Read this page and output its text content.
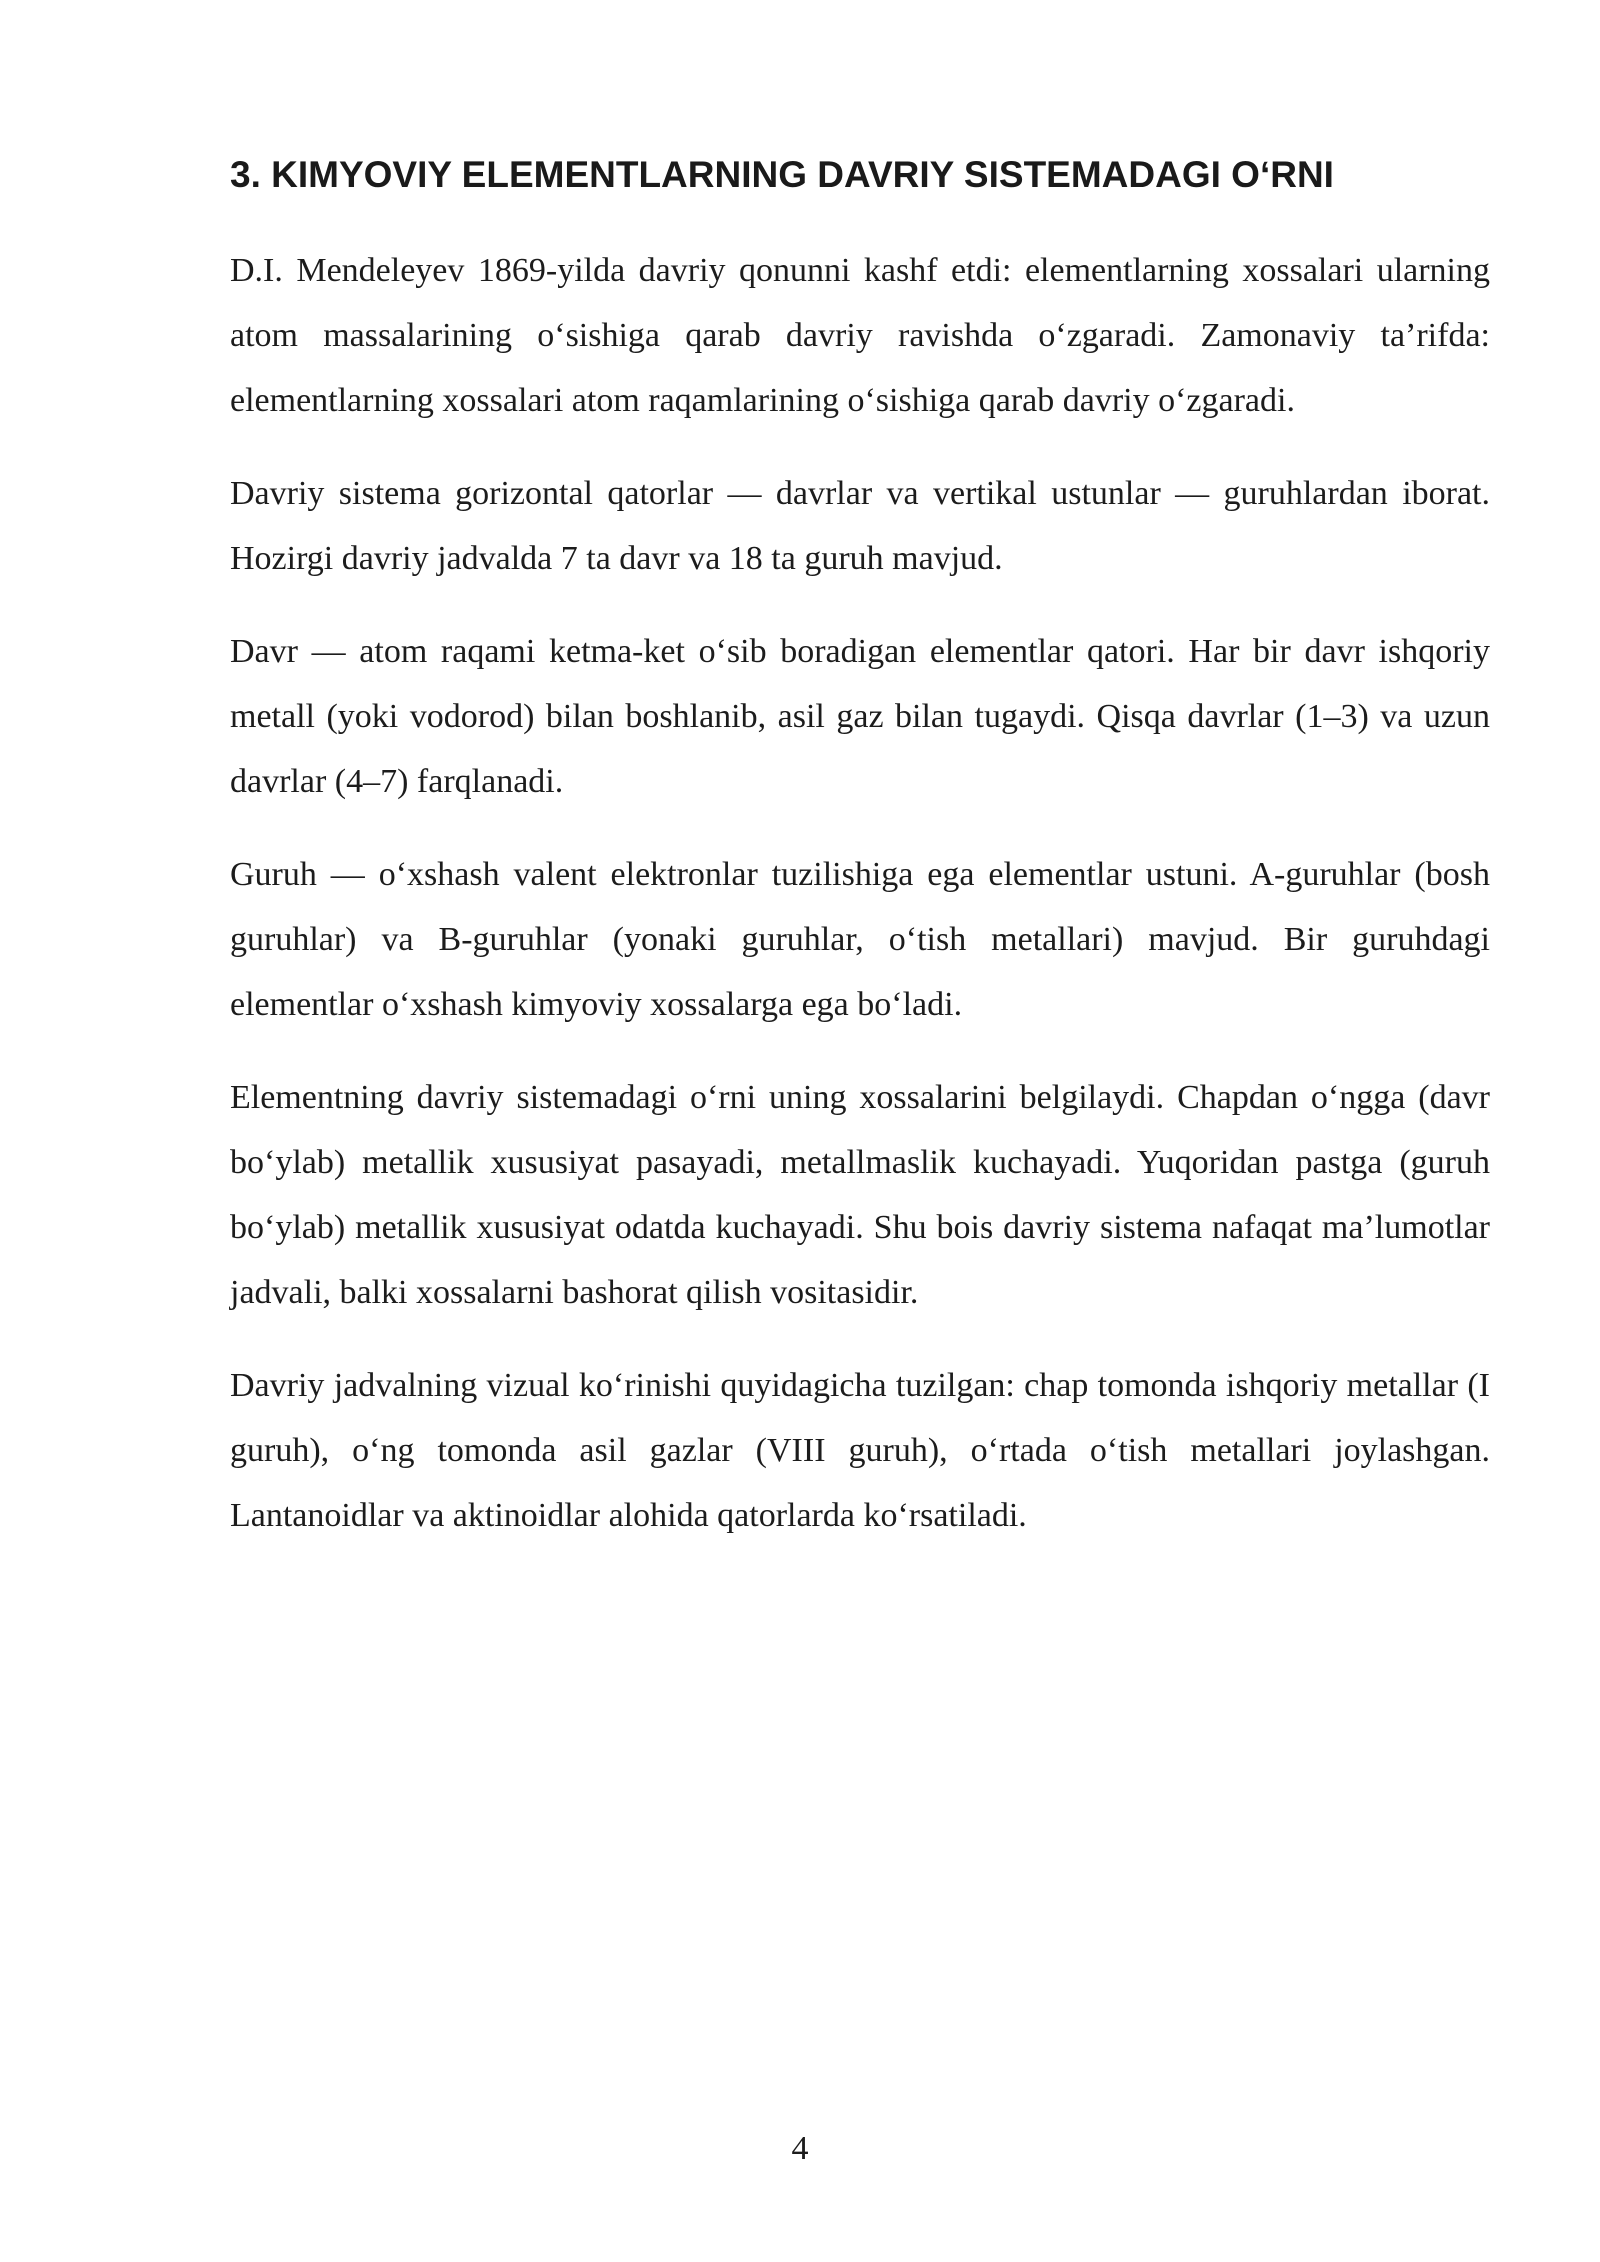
3. KIMYOVIY ELEMENTLARNING DAVRIY SISTEMADAGI O‘RNI

D.I. Mendeleyev 1869-yilda davriy qonunni kashf etdi: elementlarning xossalari ularning atom massalarining o‘sishiga qarab davriy ravishda o‘zgaradi. Zamonaviy ta’rifda: elementlarning xossalari atom raqamlarining o‘sishiga qarab davriy o‘zgaradi.

Davriy sistema gorizontal qatorlar — davrlar va vertikal ustunlar — guruhlardan iborat. Hozirgi davriy jadvalda 7 ta davr va 18 ta guruh mavjud.

Davr — atom raqami ketma-ket o‘sib boradigan elementlar qatori. Har bir davr ishqoriy metall (yoki vodorod) bilan boshlanib, asil gaz bilan tugaydi. Qisqa davrlar (1–3) va uzun davrlar (4–7) farqlanadi.

Guruh — o‘xshash valent elektronlar tuzilishiga ega elementlar ustuni. A-guruhlar (bosh guruhlar) va B-guruhlar (yonaki guruhlar, o‘tish metallari) mavjud. Bir guruhdagi elementlar o‘xshash kimyoviy xossalarga ega bo‘ladi.

Elementning davriy sistemadagi o‘rni uning xossalarini belgilaydi. Chapdan o‘ngga (davr bo‘ylab) metallik xususiyat pasayadi, metallmaslik kuchayadi. Yuqoridan pastga (guruh bo‘ylab) metallik xususiyat odatda kuchayadi. Shu bois davriy sistema nafaqat ma’lumotlar jadvali, balki xossalarni bashorat qilish vositasidir.

Davriy jadvalning vizual ko‘rinishi quyidagicha tuzilgan: chap tomonda ishqoriy metallar (I guruh), o‘ng tomonda asil gazlar (VIII guruh), o‘rtada o‘tish metallari joylashgan. Lantanoidlar va aktinoidlar alohida qatorlarda ko‘rsatiladi.

4
